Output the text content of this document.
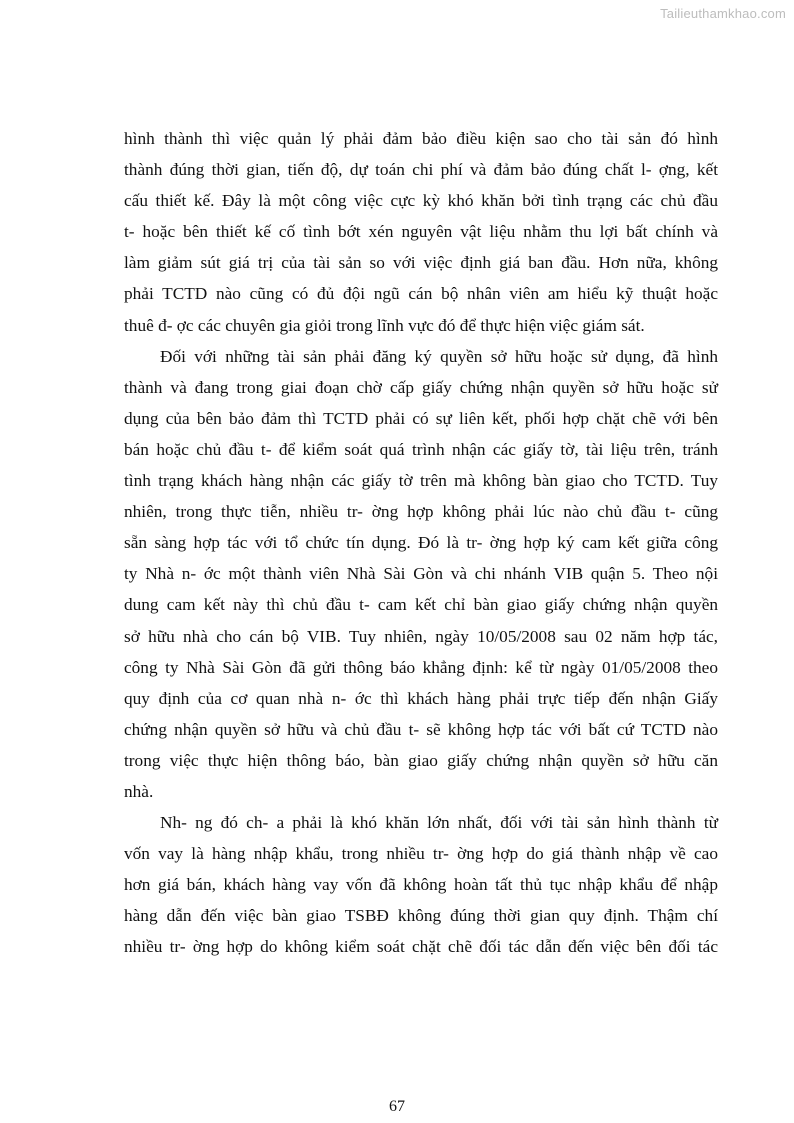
Tailieuthamkhao.com
hình thành thì việc quản lý phải đảm bảo điều kiện sao cho tài sản đó hình
thành đúng thời gian, tiến độ, dự toán chi phí và đảm bảo đúng chất l- ợng, kết
cấu thiết kế. Đây là một công việc cực kỳ khó khăn bởi tình trạng các chủ đầu
t- hoặc bên thiết kế cố tình bớt xén nguyên vật liệu nhằm thu lợi bất chính và
làm giảm sút giá trị của tài sản so với việc định giá ban đầu. Hơn nữa, không
phải TCTD nào cũng có đủ đội ngũ cán bộ nhân viên am hiểu kỹ thuật hoặc
thuê đ- ợc các chuyên gia giỏi trong lĩnh vực đó để thực hiện việc giám sát.
Đối với những tài sản phải đăng ký quyền sở hữu hoặc sử dụng, đã hình
thành và đang trong giai đoạn chờ cấp giấy chứng nhận quyền sở hữu hoặc sử
dụng của bên bảo đảm thì TCTD phải có sự liên kết, phối hợp chặt chẽ với bên
bán hoặc chủ đầu t- để kiểm soát quá trình nhận các giấy tờ, tài liệu trên, tránh
tình trạng khách hàng nhận các giấy tờ trên mà không bàn giao cho TCTD. Tuy
nhiên, trong thực tiễn, nhiều tr- ờng hợp không phải lúc nào chủ đầu t- cũng
sẵn sàng hợp tác với tổ chức tín dụng. Đó là tr- ờng hợp ký cam kết giữa công
ty Nhà n- ớc một thành viên Nhà Sài Gòn và chi nhánh VIB quận 5. Theo nội
dung cam kết này thì chủ đầu t- cam kết chỉ bàn giao giấy chứng nhận quyền
sở hữu nhà cho cán bộ VIB. Tuy nhiên, ngày 10/05/2008 sau 02 năm hợp tác,
công ty Nhà Sài Gòn đã gửi thông báo khẳng định: kể từ ngày 01/05/2008 theo
quy định của cơ quan nhà n- ớc thì khách hàng phải trực tiếp đến nhận Giấy
chứng nhận quyền sở hữu và chủ đầu t- sẽ không hợp tác với bất cứ TCTD nào
trong việc thực hiện thông báo, bàn giao giấy chứng nhận quyền sở hữu căn
nhà.
Nh- ng đó ch- a phải là khó khăn lớn nhất, đối với tài sản hình thành từ
vốn vay là hàng nhập khẩu, trong nhiều tr- ờng hợp do giá thành nhập về cao
hơn giá bán, khách hàng vay vốn đã không hoàn tất thủ tục nhập khẩu để nhập
hàng dẫn đến việc bàn giao TSBĐ không đúng thời gian quy định. Thậm chí
nhiều tr- ờng hợp do không kiểm soát chặt chẽ đối tác dẫn đến việc bên đối tác
67
